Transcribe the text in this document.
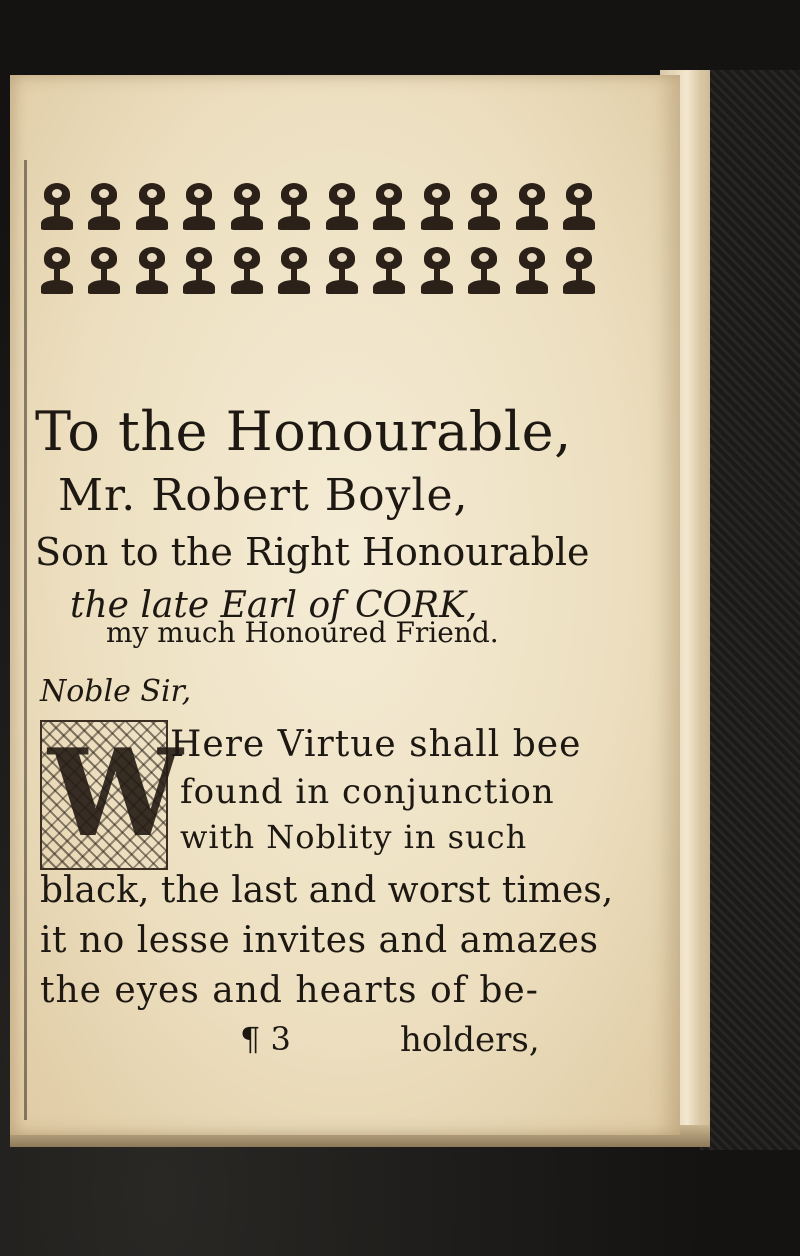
To the Honourable,
Mr. Robert Boyle,
Son to the Right Honourable
the late Earl of CORK,
my much Honoured Friend.
Noble Sir,
W
Here Virtue shall bee
found in conjunction
with Noblity in such
black, the last and worst times,
it no lesse invites and amazes
the eyes and hearts of be-
¶ 3	holders,
